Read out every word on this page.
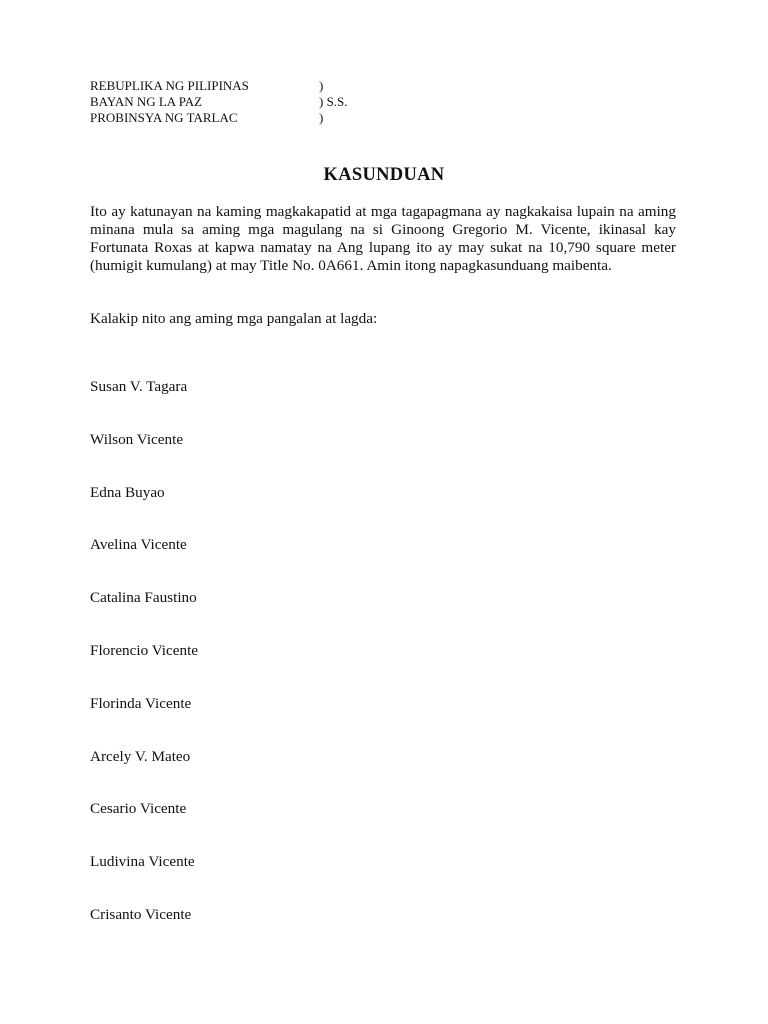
REBUPLIKA NG PILIPINAS	)
BAYAN NG LA PAZ	) S.S.
PROBINSYA NG TARLAC	)
KASUNDUAN

Ito ay katunayan na kaming magkakapatid at mga tagapagmana ay nagkakaisa lupain na aming minana mula sa aming mga magulang na si Ginoong Gregorio M. Vicente, ikinasal kay Fortunata Roxas at kapwa namatay na Ang lupang ito ay may sukat na 10,790 square meter (humigit kumulang) at may Title No. 0A661. Amin itong napagkasunduang maibenta.

Kalakip nito ang aming mga pangalan at lagda:
Susan V. Tagara
Wilson Vicente
Edna Buyao
Avelina Vicente
Catalina Faustino
Florencio Vicente
Florinda Vicente
Arcely V. Mateo
Cesario Vicente
Ludivina Vicente
Crisanto Vicente
